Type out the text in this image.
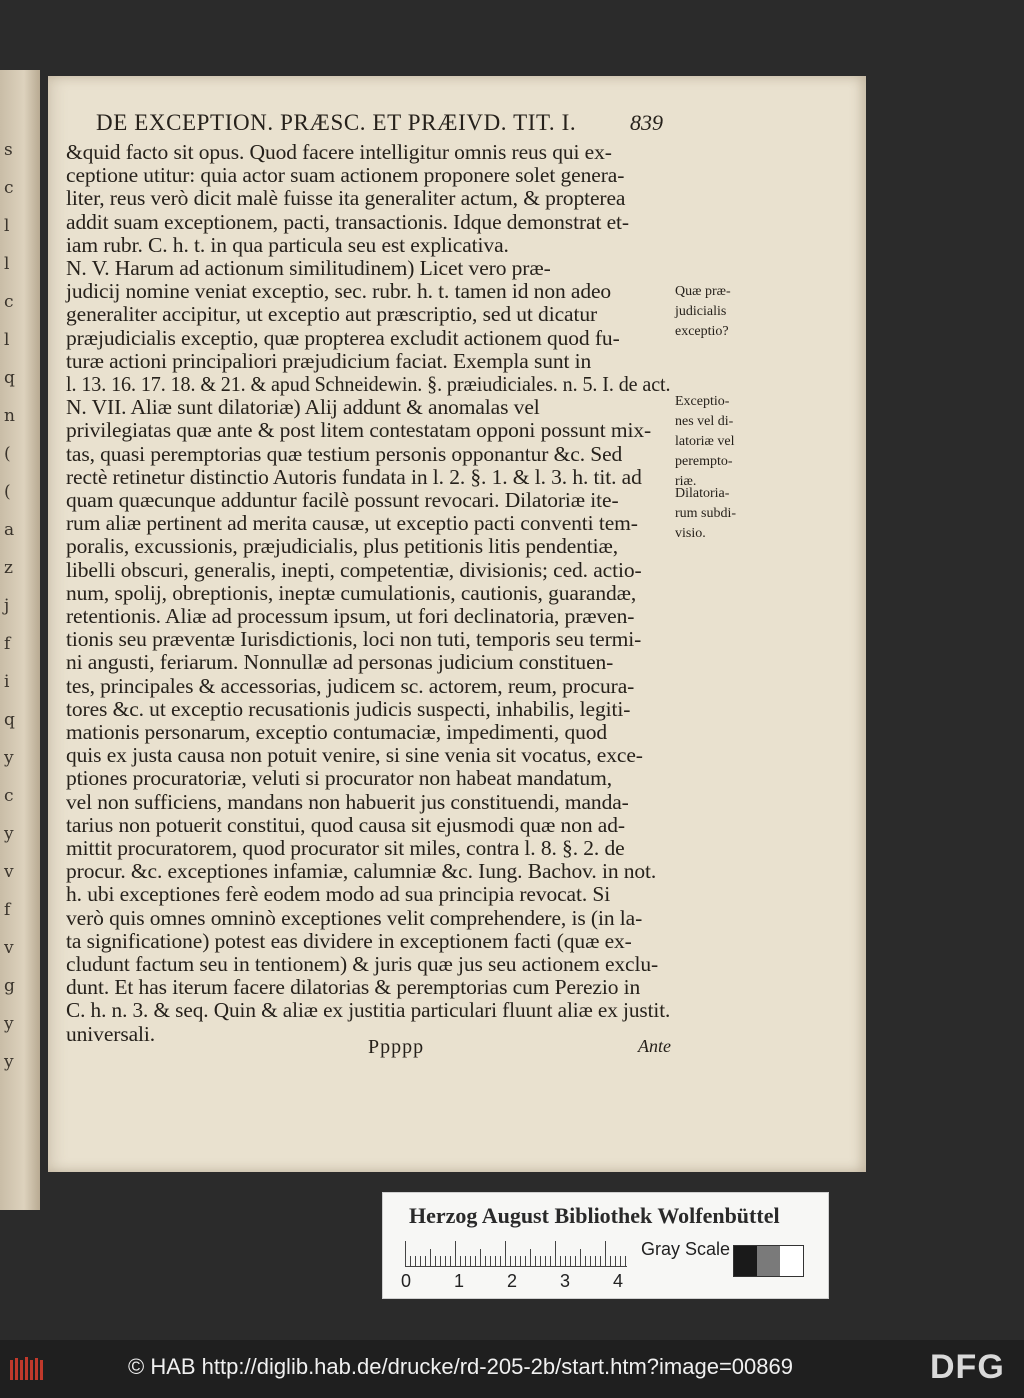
s
c
l
l
c
l
q
n
(
(
a
z
j
f
i
q
y
c
y
v
f
v
g
y
y
DE EXCEPTION. PRÆSC. ET PRÆIVD. TIT. I.	839
&quid facto sit opus. Quod facere intelligitur omnis reus qui ex-
ceptione utitur: quia actor suam actionem proponere solet genera-
liter, reus verò dicit malè fuisse ita generaliter actum, & propterea
addit suam exceptionem, pacti, transactionis. Idque demonstrat et-
iam rubr. C. h. t. in qua particula seu est explicativa.
N. V. Harum ad actionum similitudinem) Licet vero præ-
judicij nomine veniat exceptio, sec. rubr. h. t. tamen id non adeo
generaliter accipitur, ut exceptio aut præscriptio, sed ut dicatur
præjudicialis exceptio, quæ propterea excludit actionem quod fu-
turæ actioni principaliori præjudicium faciat. Exempla sunt in
l. 13. 16. 17. 18. & 21. & apud Schneidewin. §. præiudiciales. n. 5. I. de act.
N. VII. Aliæ sunt dilatoriæ) Alij addunt & anomalas vel
privilegiatas quæ ante & post litem contestatam opponi possunt mix-
tas, quasi peremptorias quæ testium personis opponantur &c. Sed
rectè retinetur distinctio Autoris fundata in l. 2. §. 1. & l. 3. h. tit. ad
quam quæcunque adduntur facilè possunt revocari. Dilatoriæ ite-
rum aliæ pertinent ad merita causæ, ut exceptio pacti conventi tem-
poralis, excussionis, præjudicialis, plus petitionis litis pendentiæ,
libelli obscuri, generalis, inepti, competentiæ, divisionis; ced. actio-
num, spolij, obreptionis, ineptæ cumulationis, cautionis, guarandæ,
retentionis. Aliæ ad processum ipsum, ut fori declinatoria, præven-
tionis seu præventæ Iurisdictionis, loci non tuti, temporis seu termi-
ni angusti, feriarum. Nonnullæ ad personas judicium constituen-
tes, principales & accessorias, judicem sc. actorem, reum, procura-
tores &c. ut exceptio recusationis judicis suspecti, inhabilis, legiti-
mationis personarum, exceptio contumaciæ, impedimenti, quod
quis ex justa causa non potuit venire, si sine venia sit vocatus, exce-
ptiones procuratoriæ, veluti si procurator non habeat mandatum,
vel non sufficiens, mandans non habuerit jus constituendi, manda-
tarius non potuerit constitui, quod causa sit ejusmodi quæ non ad-
mittit procuratorem, quod procurator sit miles, contra l. 8. §. 2. de
procur. &c. exceptiones infamiæ, calumniæ &c. Iung. Bachov. in not.
h. ubi exceptiones ferè eodem modo ad sua principia revocat. Si
verò quis omnes omninò exceptiones velit comprehendere, is (in la-
ta significatione) potest eas dividere in exceptionem facti (quæ ex-
cludunt factum seu in tentionem) & juris quæ jus seu actionem exclu-
dunt. Et has iterum facere dilatorias & peremptorias cum Perezio in
C. h. n. 3. & seq. Quin & aliæ ex justitia particulari fluunt aliæ ex justit.
universali.
Quæ præ-
judicialis
exceptio?
Exceptio-
nes vel di-
latoriæ vel
perempto-
riæ.
Dilatoria-
rum subdi-
visio.
Ppppp	Ante
Herzog August Bibliothek Wolfenbüttel
0 1 2 3 4
Gray Scale
© HAB http://diglib.hab.de/drucke/rd-205-2b/start.htm?image=00869	DFG
